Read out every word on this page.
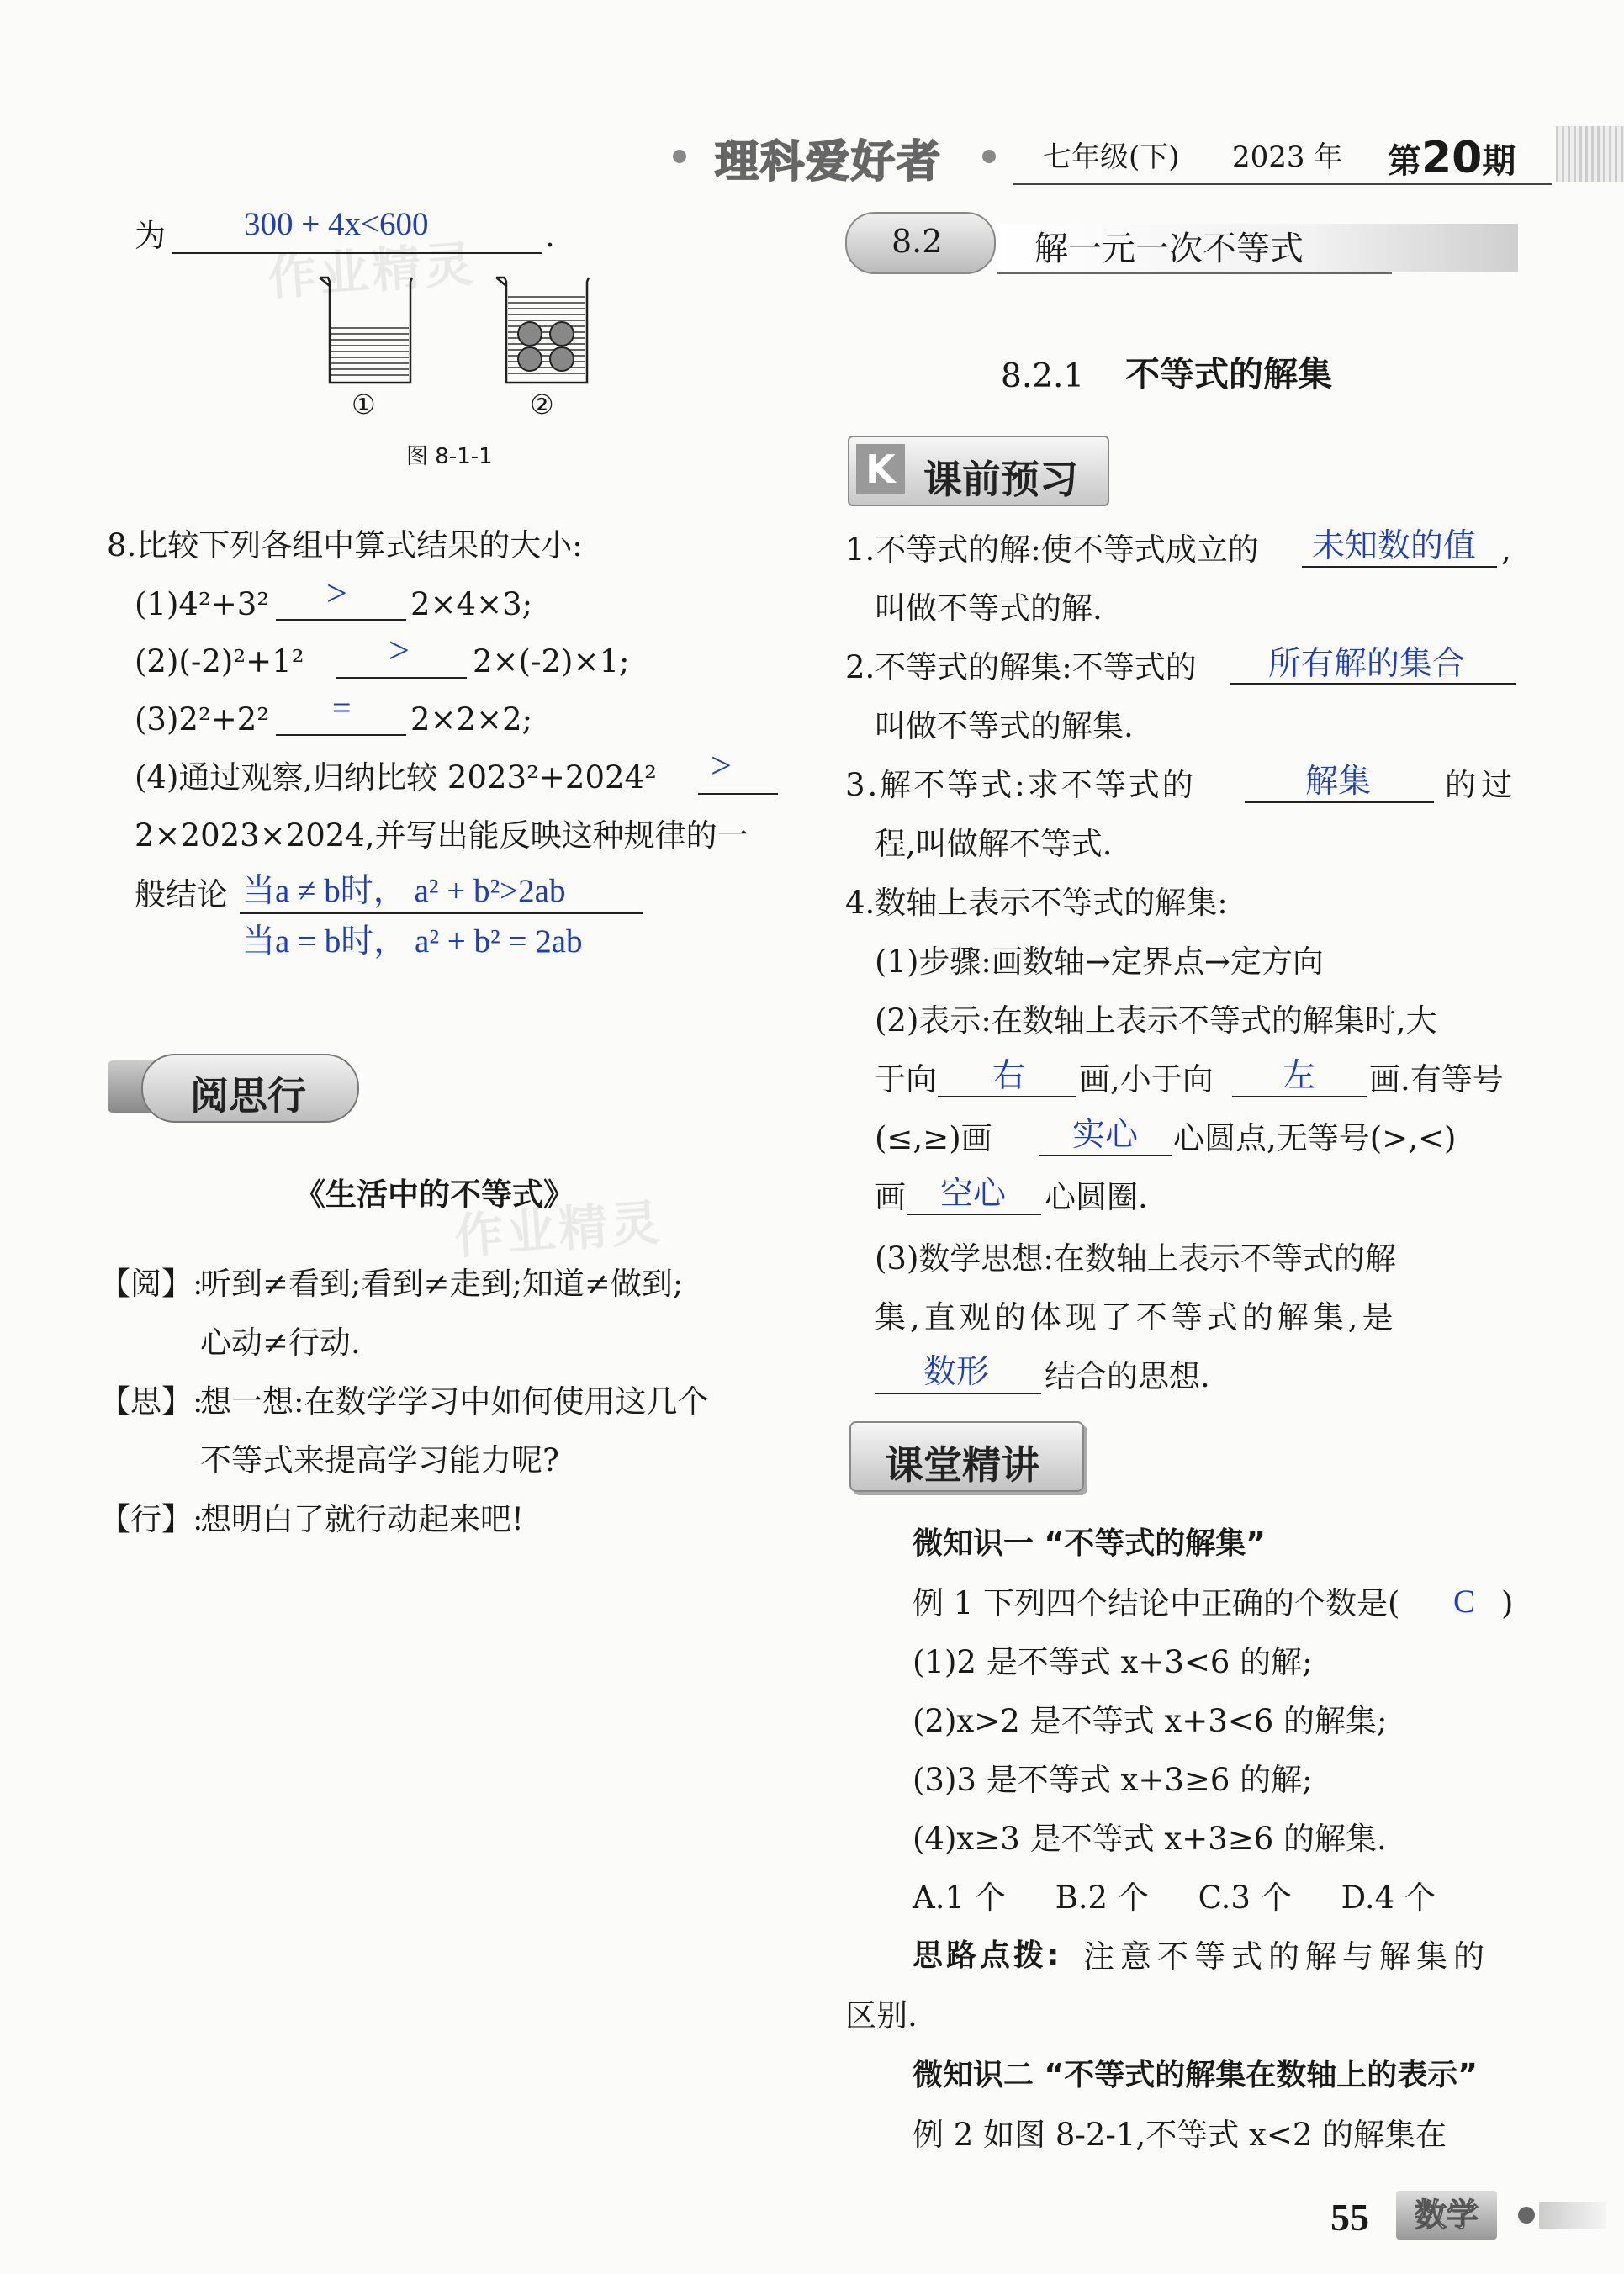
理科爱好者	七年级(下) 2023 年 第20期
为 300 + 4x<600	.
①	②
图 8-1-1
8.比较下列各组中算式结果的大小:
(1)4²+3² > 2×4×3;
(2)(-2)²+1² > 2×(-2)×1;
(3)2²+2² = 2×2×2;
(4)通过观察,归纳比较 2023²+2024² >
2×2023×2024,并写出能反映这种规律的一
般结论 当a ≠ b时， a² + b²>2ab
当a = b时， a² + b² = 2ab
阅思行
《生活中的不等式》
【阅】:
听到≠看到;看到≠走到;知道≠做到;
心动≠行动.
【思】:
想一想:在数学学习中如何使用这几个
不等式来提高学习能力呢?
【行】:
想明白了就行动起来吧!
作业精灵
作业精灵
8.2	解一元一次不等式
8.2.1 不等式的解集
K 课前预习
1.不等式的解:使不等式成立的 未知数的值 ,
叫做不等式的解.
2.不等式的解集:不等式的 所有解的集合
叫做不等式的解集.
3.解不等式:求不等式的	解集 的过
程,叫做解不等式.
4.数轴上表示不等式的解集:
(1)步骤:画数轴→定界点→定方向
(2)表示:在数轴上表示不等式的解集时,大
于向 右 画,小于向 左 画.有等号
(≤,≥)画 实心 心圆点,无等号(>,<)
画 空心 心圆圈.
(3)数学思想:在数轴上表示不等式的解
集,直观的体现了不等式的解集,是
数形 结合的思想.
课堂精讲
微知识一 “不等式的解集”
例 1 下列四个结论中正确的个数是( C )
(1)2 是不等式 x+3<6 的解;
(2)x>2 是不等式 x+3<6 的解集;
(3)3 是不等式 x+3≥6 的解;
(4)x≥3 是不等式 x+3≥6 的解集.
A.1 个     B.2 个     C.3 个     D.4 个
思路点拨: 注意不等式的解与解集的
区别.
微知识二 “不等式的解集在数轴上的表示”
例 2 如图 8-2-1,不等式 x<2 的解集在
55	数学
